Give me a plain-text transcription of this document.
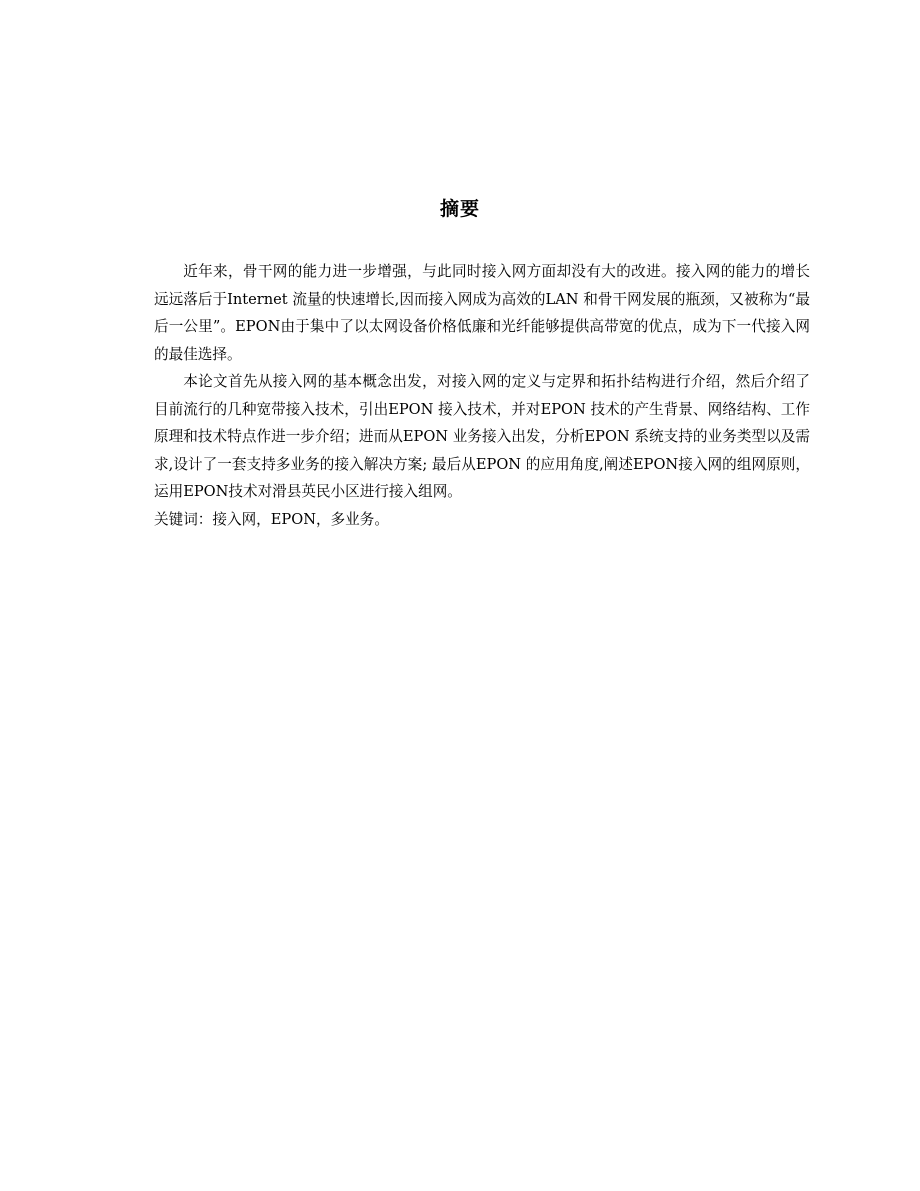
摘要

近年来，骨干网的能力进一步增强，与此同时接入网方面却没有大的改进。接入网的能力的增长远远落后于Internet 流量的快速增长,因而接入网成为高效的LAN 和骨干网发展的瓶颈，又被称为“最后一公里”。EPON由于集中了以太网设备价格低廉和光纤能够提供高带宽的优点，成为下一代接入网的最佳选择。

本论文首先从接入网的基本概念出发，对接入网的定义与定界和拓扑结构进行介绍，然后介绍了目前流行的几种宽带接入技术，引出EPON 接入技术，并对EPON 技术的产生背景、网络结构、工作原理和技术特点作进一步介绍；进而从EPON 业务接入出发，分析EPON 系统支持的业务类型以及需求,设计了一套支持多业务的接入解决方案; 最后从EPON 的应用角度,阐述EPON接入网的组网原则，运用EPON技术对滑县英民小区进行接入组网。

关键词：接入网，EPON，多业务。
